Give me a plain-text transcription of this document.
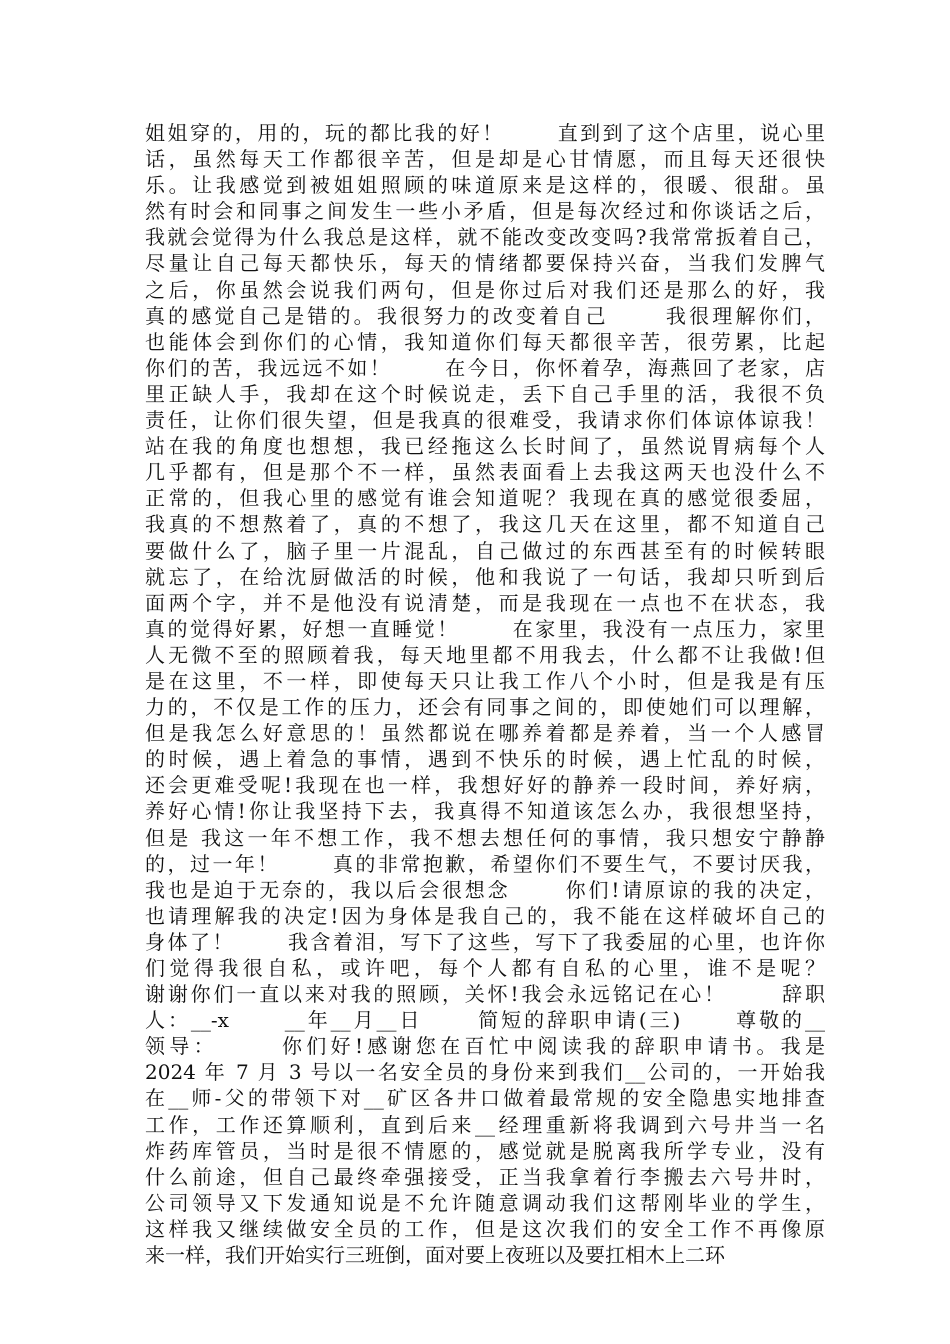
姐姐穿的，用的，玩的都比我的好！      直到到了这个店里，说心里
话，虽然每天工作都很辛苦，但是却是心甘情愿，而且每天还很快
乐。让我感觉到被姐姐照顾的味道原来是这样的，很暖、很甜。虽
然有时会和同事之间发生一些小矛盾，但是每次经过和你谈话之后，
我就会觉得为什么我总是这样，就不能改变改变吗?我常常扳着自己，
尽量让自己每天都快乐，每天的情绪都要保持兴奋，当我们发脾气
之后，你虽然会说我们两句，但是你过后对我们还是那么的好，我
真的感觉自己是错的。我很努力的改变着自己      我很理解你们，
也能体会到你们的心情，我知道你们每天都很辛苦，很劳累，比起
你们的苦，我远远不如！      在今日，你怀着孕，海燕回了老家，店
里正缺人手，我却在这个时候说走，丢下自己手里的活，我很不负
责任，让你们很失望，但是我真的很难受，我请求你们体谅体谅我！
站在我的角度也想想，我已经拖这么长时间了，虽然说胃病每个人
几乎都有，但是那个不一样，虽然表面看上去我这两天也没什么不
正常的，但我心里的感觉有谁会知道呢？我现在真的感觉很委屈，
我真的不想熬着了，真的不想了，我这几天在这里，都不知道自己
要做什么了，脑子里一片混乱，自己做过的东西甚至有的时候转眼
就忘了，在给沈厨做活的时候，他和我说了一句话，我却只听到后
面两个字，并不是他没有说清楚，而是我现在一点也不在状态，我
真的觉得好累，好想一直睡觉！      在家里，我没有一点压力，家里
人无微不至的照顾着我，每天地里都不用我去，什么都不让我做!但
是在这里，不一样，即使每天只让我工作八个小时，但是我是有压
力的，不仅是工作的压力，还会有同事之间的，即使她们可以理解，
但是我怎么好意思的！虽然都说在哪养着都是养着，当一个人感冒
的时候，遇上着急的事情，遇到不快乐的时候，遇上忙乱的时候，
还会更难受呢!我现在也一样，我想好好的静养一段时间，养好病，
养好心情!你让我坚持下去，我真得不知道该怎么办，我很想坚持，
但是 我这一年不想工作，我不想去想任何的事情，我只想安宁静静
的，过一年！      真的非常抱歉，希望你们不要生气，不要讨厌我，
我也是迫于无奈的，我以后会很想念      你们!请原谅的我的决定，
也请理解我的决定!因为身体是我自己的，我不能在这样破坏自己的
身体了！      我含着泪，写下了这些，写下了我委屈的心里，也许你
们觉得我很自私，或许吧，每个人都有自私的心里，谁不是呢？
谢谢你们一直以来对我的照顾，关怀!我会永远铭记在心！      辞职
人：__-x      __年__月__日      简短的辞职申请(三)      尊敬的__
领导：      你们好!感谢您在百忙中阅读我的辞职申请书。我是
2024 年 7 月 3 号以一名安全员的身份来到我们__公司的，一开始我
在__师-父的带领下对__矿区各井口做着最常规的安全隐患实地排查
工作，工作还算顺利，直到后来__经理重新将我调到六号井当一名
炸药库管员，当时是很不情愿的，感觉就是脱离我所学专业，没有
什么前途，但自己最终牵强接受，正当我拿着行李搬去六号井时，
公司领导又下发通知说是不允许随意调动我们这帮刚毕业的学生，
这样我又继续做安全员的工作，但是这次我们的安全工作不再像原
来一样，我们开始实行三班倒，面对要上夜班以及要扛相木上二环
